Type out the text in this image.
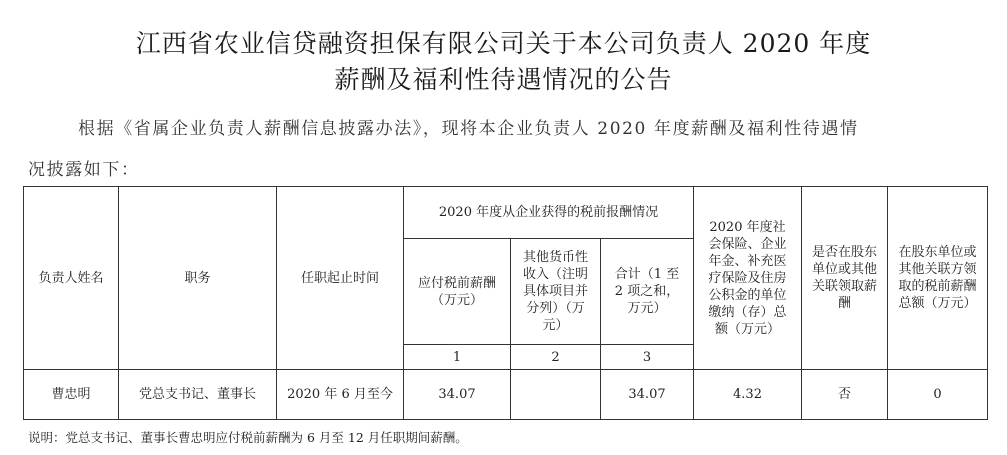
江西省农业信贷融资担保有限公司关于本公司负责人 2020 年度
薪酬及福利性待遇情况的公告
根据《省属企业负责人薪酬信息披露办法》，现将本企业负责人 2020 年度薪酬及福利性待遇情
况披露如下：
负责人姓名	职务	任职起止时间	2020 年度从企业获得的税前报酬情况			2020 年度社会保险、企业年金、补充医疗保险及住房公积金的单位缴纳（存）总额（万元）	是否在股东单位或其他关联领取薪酬	在股东单位或其他关联方领取的税前薪酬总额（万元）
			应付税前薪酬（万元）	其他货币性收入（注明具体项目并分列）（万元）	合计（1 至 2 项之和，万元）			
			1	2	3			
曹忠明	党总支书记、董事长	2020 年 6 月至今	34.07		34.07	4.32	否	0
说明：党总支书记、董事长曹忠明应付税前薪酬为 6 月至 12 月任职期间薪酬。
